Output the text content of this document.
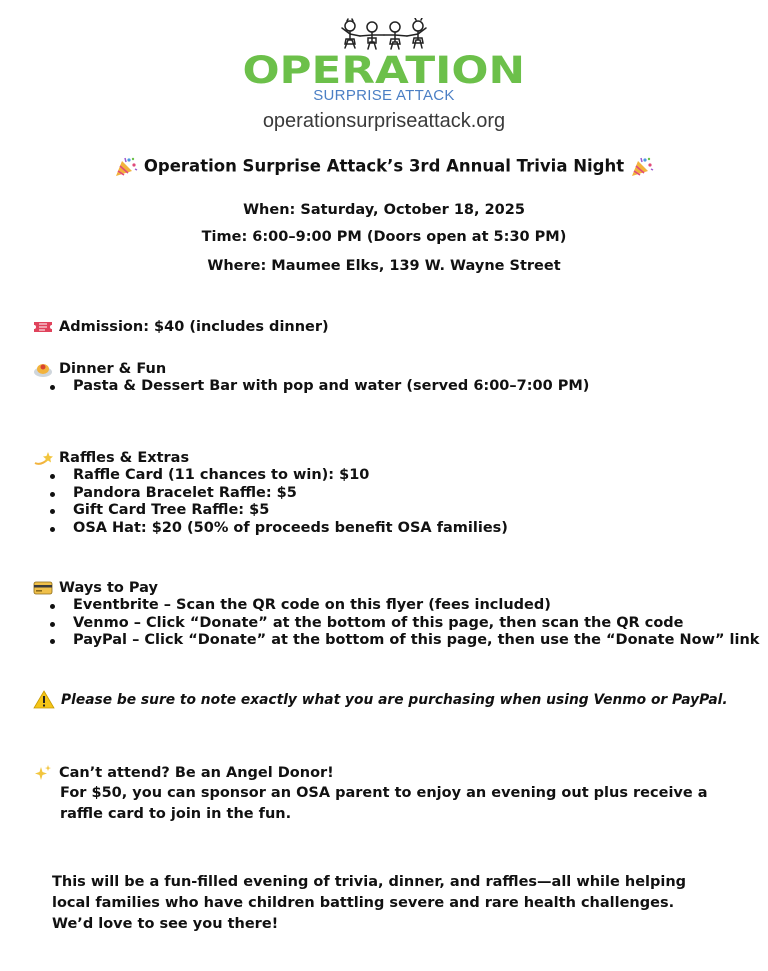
OPERATION
SURPRISE ATTACK
operationsurpriseattack.org
Operation Surprise Attack’s 3rd Annual Trivia Night
When: Saturday, October 18, 2025
Time: 6:00–9:00 PM (Doors open at 5:30 PM)
Where: Maumee Elks, 139 W. Wayne Street
Admission: $40 (includes dinner)
Dinner & Fun
Pasta & Dessert Bar with pop and water (served 6:00–7:00 PM)
Raffles & Extras
Raffle Card (11 chances to win): $10
Pandora Bracelet Raffle: $5
Gift Card Tree Raffle: $5
OSA Hat: $20 (50% of proceeds benefit OSA families)
Ways to Pay
Eventbrite – Scan the QR code on this flyer (fees included)
Venmo – Click “Donate” at the bottom of this page, then scan the QR code
PayPal – Click “Donate” at the bottom of this page, then use the “Donate Now” link
Please be sure to note exactly what you are purchasing when using Venmo or PayPal.
Can’t attend? Be an Angel Donor!
For $50, you can sponsor an OSA parent to enjoy an evening out plus receive a
raffle card to join in the fun.
This will be a fun-filled evening of trivia, dinner, and raffles—all while helping
local families who have children battling severe and rare health challenges.
We’d love to see you there!
